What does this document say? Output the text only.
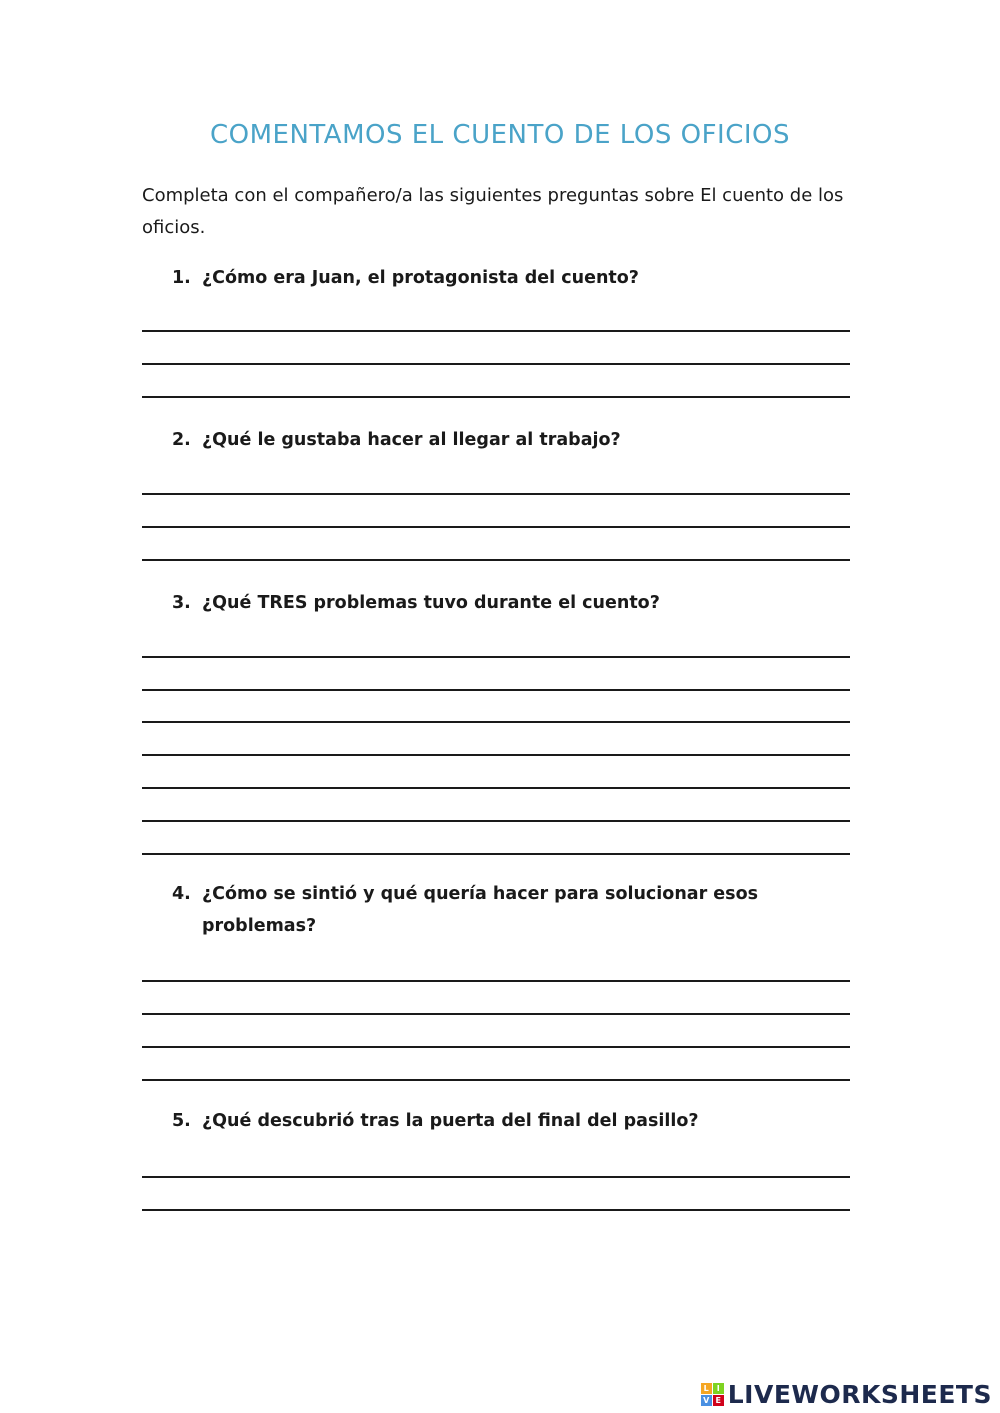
COMENTAMOS EL CUENTO DE LOS OFICIOS
Completa con el compañero/a las siguientes preguntas sobre El cuento de los oficios.
1. ¿Cómo era Juan, el protagonista del cuento?
2. ¿Qué le gustaba hacer al llegar al trabajo?
3. ¿Qué TRES problemas tuvo durante el cuento?
4. ¿Cómo se sintió y qué quería hacer para solucionar esos
problemas?
5. ¿Qué descubrió tras la puerta del final del pasillo?
L I
V E LIVEWORKSHEETS
